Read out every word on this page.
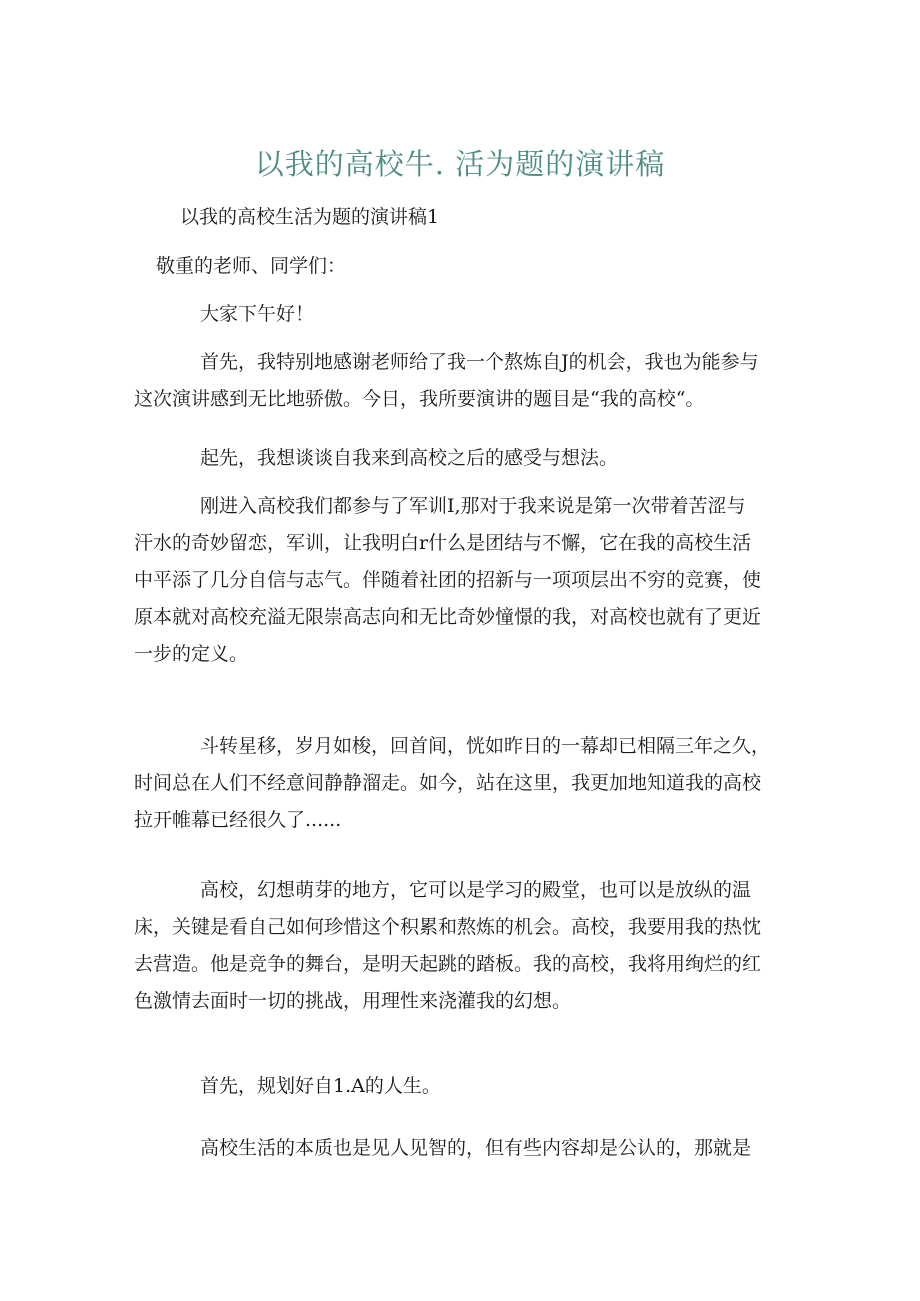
以我的高校牛. 活为题的演讲稿

以我的高校生活为题的演讲稿1

敬重的老师、同学们：

大家下午好！

首先，我特别地感谢老师给了我一个熬炼自J的机会，我也为能参与
这次演讲感到无比地骄傲。今日，我所要演讲的题目是“我的高校“。

起先，我想谈谈自我来到高校之后的感受与想法。

刚进入高校我们都参与了军训I,那对于我来说是第一次带着苦涩与
汗水的奇妙留恋，军训，让我明白r什么是团结与不懈，它在我的高校生活
中平添了几分自信与志气。伴随着社团的招新与一项项层出不穷的竞赛，使
原本就对高校充溢无限崇高志向和无比奇妙憧憬的我，对高校也就有了更近
一步的定义。

斗转星移，岁月如梭，回首间，恍如昨日的一幕却已相隔三年之久，
时间总在人们不经意间静静溜走。如今，站在这里，我更加地知道我的高校
拉开帷幕已经很久了......

高校，幻想萌芽的地方，它可以是学习的殿堂，也可以是放纵的温
床，关键是看自己如何珍惜这个积累和熬炼的机会。高校，我要用我的热忱
去营造。他是竞争的舞台，是明天起跳的踏板。我的高校，我将用绚烂的红
色激情去面时一切的挑战，用理性来浇灌我的幻想。

首先，规划好自1.A的人生。

高校生活的本质也是见人见智的，但有些内容却是公认的，那就是
